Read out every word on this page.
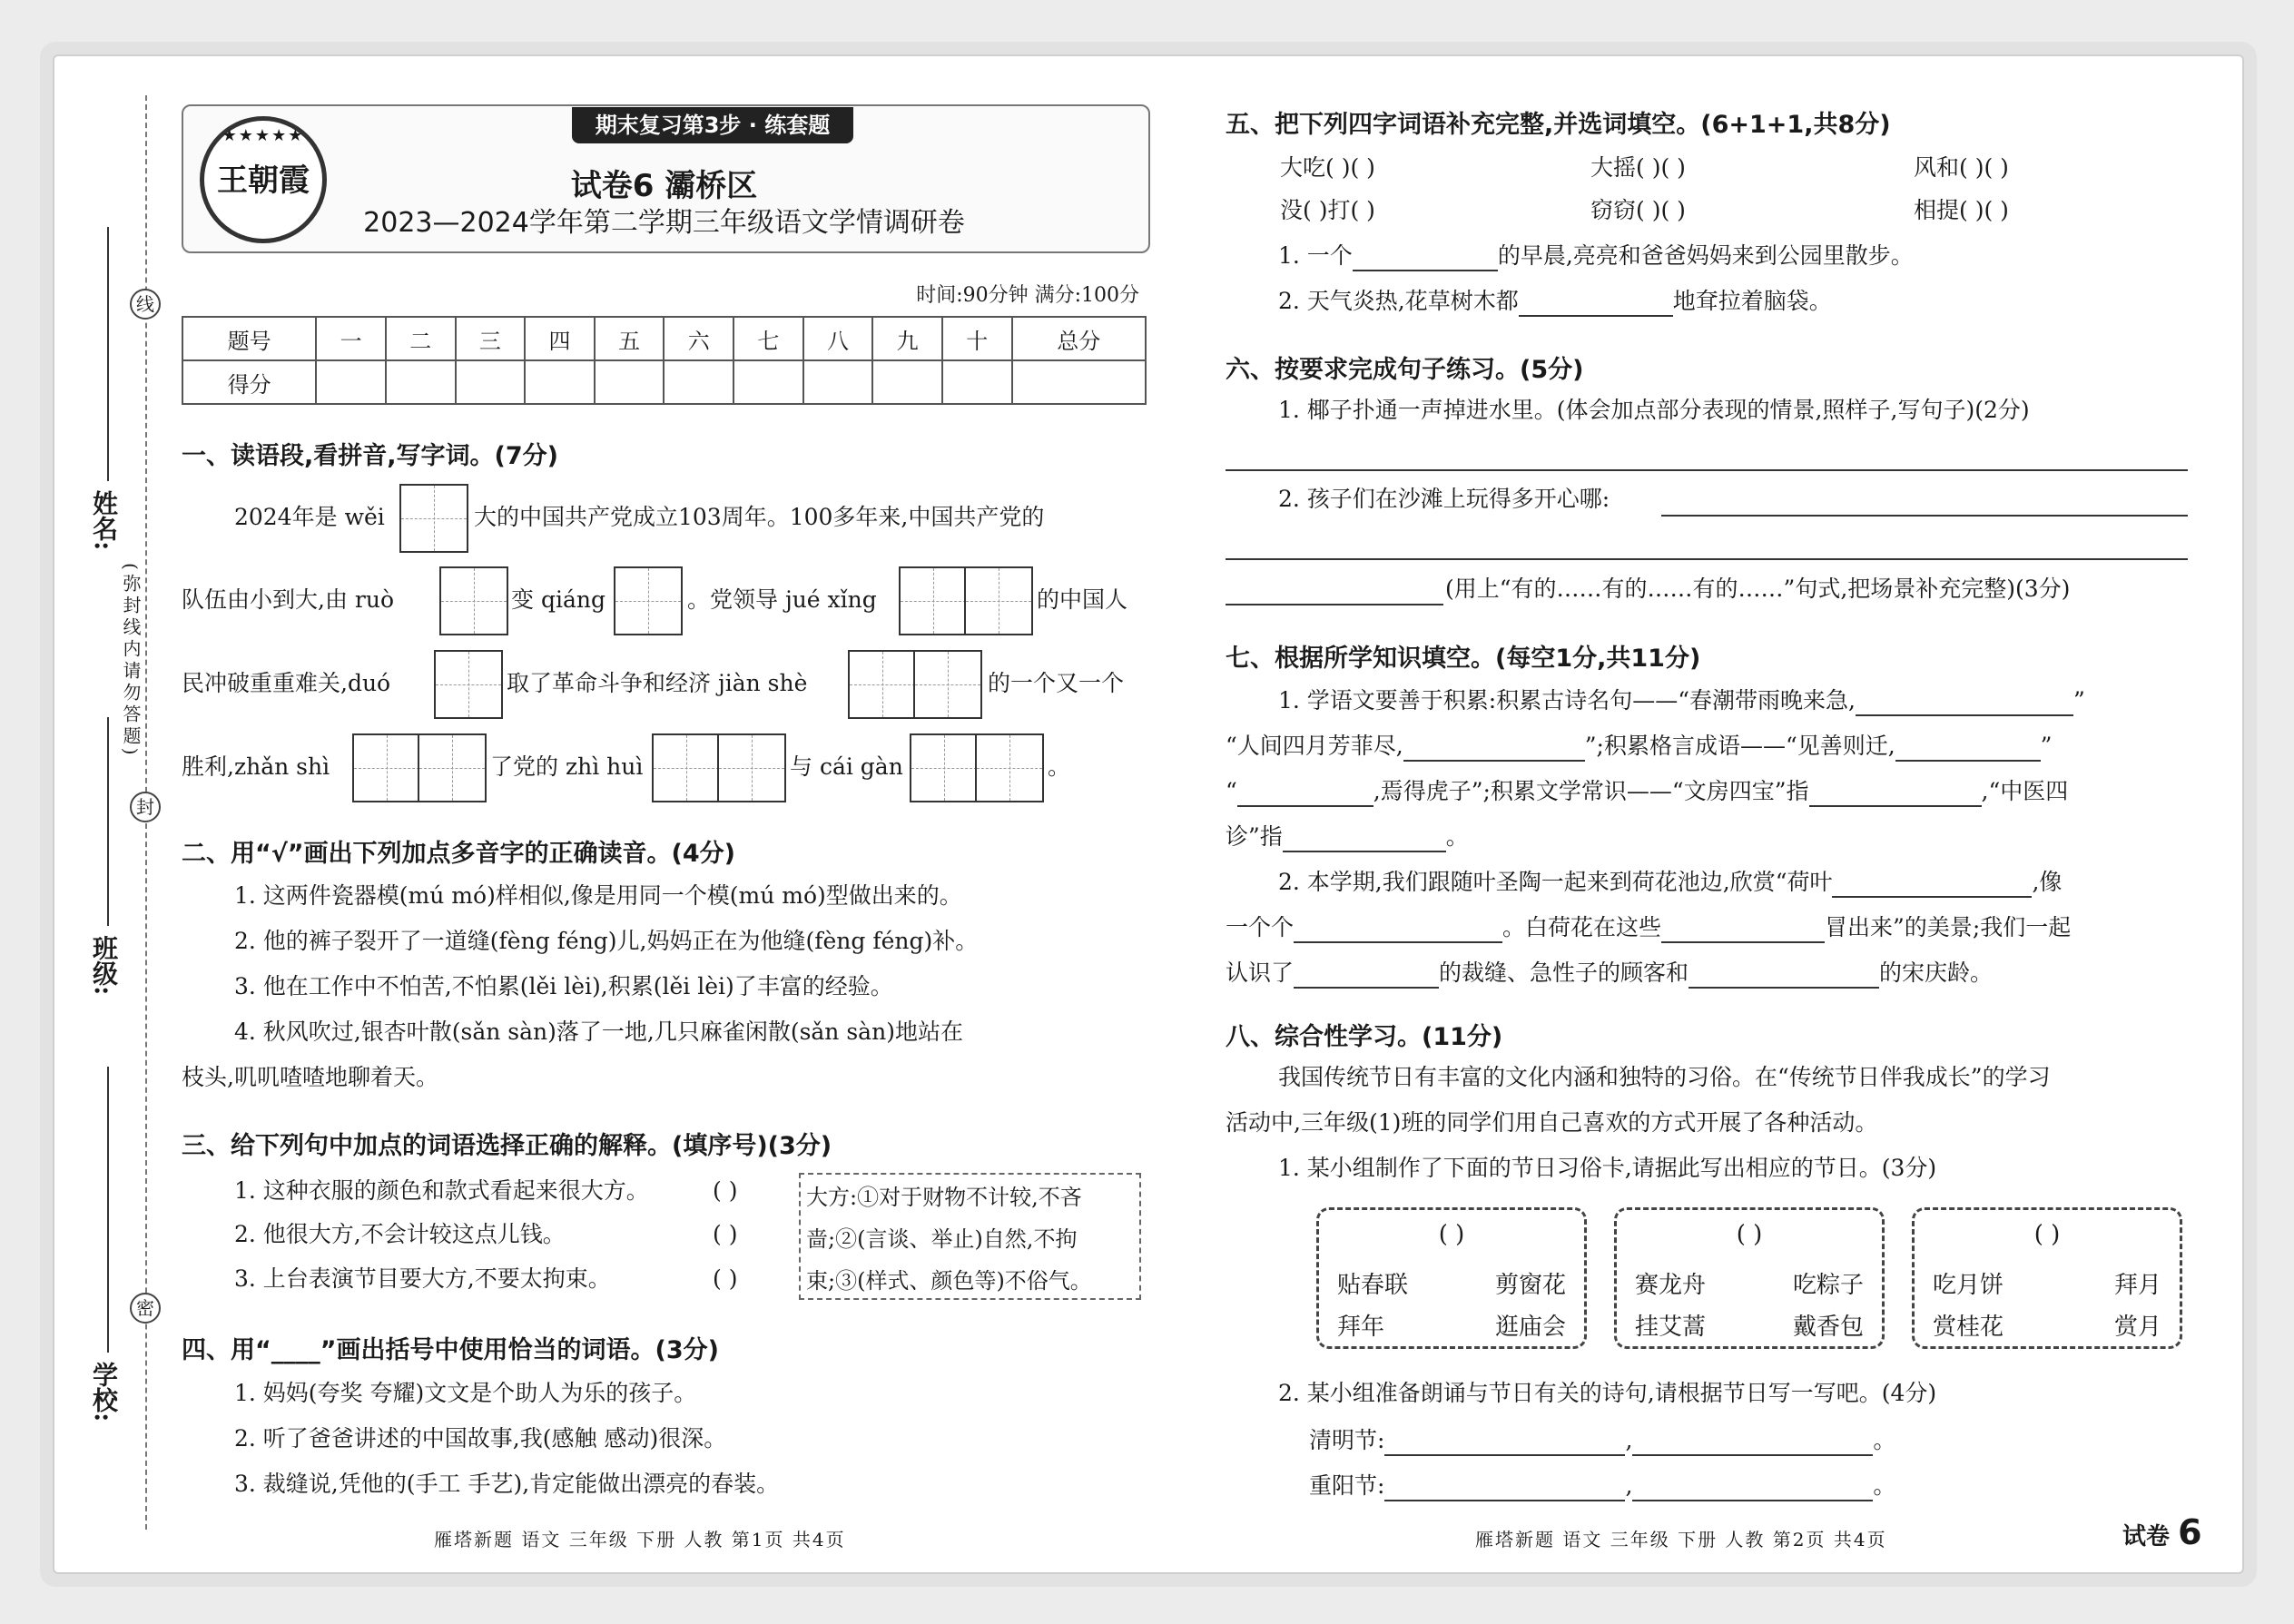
线
封
密
姓名:
班级:
学校:
(弥封线内请勿答题)
★★★★★
王朝霞
期末复习第3步 · 练套题
试卷6 灞桥区
2023—2024学年第二学期三年级语文学情调研卷
时间:90分钟 满分:100分
题号	一	二	三	四	五	六	七	八	九	十	总分
得分											
一、读语段,看拼音,写字词。(7分)
2024年是 wěi	大的中国共产党成立103周年。100多年来,中国共产党的
队伍由小到大,由 ruò	变 qiáng	。党领导 jué xǐng	的中国人
民冲破重重难关,duó	取了革命斗争和经济 jiàn shè	的一个又一个
胜利,zhǎn shì	了党的 zhì huì	与 cái gàn	。
二、用“√”画出下列加点多音字的正确读音。(4分)
1. 这两件瓷器模(mú mó)样相似,像是用同一个模(mú mó)型做出来的。
2. 他的裤子裂开了一道缝(fèng féng)儿,妈妈正在为他缝(fèng féng)补。
3. 他在工作中不怕苦,不怕累(lěi lèi),积累(lěi lèi)了丰富的经验。
4. 秋风吹过,银杏叶散(sǎn sàn)落了一地,几只麻雀闲散(sǎn sàn)地站在
枝头,叽叽喳喳地聊着天。
三、给下列句中加点的词语选择正确的解释。(填序号)(3分)
1. 这种衣服的颜色和款式看起来很大方。	( )
2. 他很大方,不会计较这点儿钱。	( )
3. 上台表演节目要大方,不要太拘束。	( )
大方:①对于财物不计较,不吝啬;②(言谈、举止)自然,不拘束;③(样式、颜色等)不俗气。
四、用“____”画出括号中使用恰当的词语。(3分)
1. 妈妈(夸奖 夸耀)文文是个助人为乐的孩子。
2. 听了爸爸讲述的中国故事,我(感触 感动)很深。
3. 裁缝说,凭他的(手工 手艺),肯定能做出漂亮的春装。
雁塔新题 语文 三年级 下册 人教 第1页 共4页
五、把下列四字词语补充完整,并选词填空。(6+1+1,共8分)
大吃( )( )	大摇( )( )	风和( )( )
没( )打( )	窃窃( )( )	相提( )( )
1. 一个	的早晨,亮亮和爸爸妈妈来到公园里散步。
2. 天气炎热,花草树木都	地耷拉着脑袋。
六、按要求完成句子练习。(5分)
1. 椰子扑通一声掉进水里。(体会加点部分表现的情景,照样子,写句子)(2分)
2. 孩子们在沙滩上玩得多开心哪:
(用上“有的……有的……有的……”句式,把场景补充完整)(3分)
七、根据所学知识填空。(每空1分,共11分)
1. 学语文要善于积累:积累古诗名句——“春潮带雨晚来急,	”
“人间四月芳菲尽,	”;积累格言成语——“见善则迁,	”
“	,焉得虎子”;积累文学常识——“文房四宝”指	,“中医四
诊”指	。
2. 本学期,我们跟随叶圣陶一起来到荷花池边,欣赏“荷叶	,像
一个个	。白荷花在这些	冒出来”的美景;我们一起
认识了	的裁缝、急性子的顾客和	的宋庆龄。
八、综合性学习。(11分)
我国传统节日有丰富的文化内涵和独特的习俗。在“传统节日伴我成长”的学习
活动中,三年级(1)班的同学们用自己喜欢的方式开展了各种活动。
1. 某小组制作了下面的节日习俗卡,请据此写出相应的节日。(3分)
( )
贴春联	剪窗花
拜年	逛庙会
( )
赛龙舟	吃粽子
挂艾蒿	戴香包
( )
吃月饼	拜月
赏桂花	赏月
2. 某小组准备朗诵与节日有关的诗句,请根据节日写一写吧。(4分)
清明节:	,	。
重阳节:	,	。
雁塔新题 语文 三年级 下册 人教 第2页 共4页	试卷 6
